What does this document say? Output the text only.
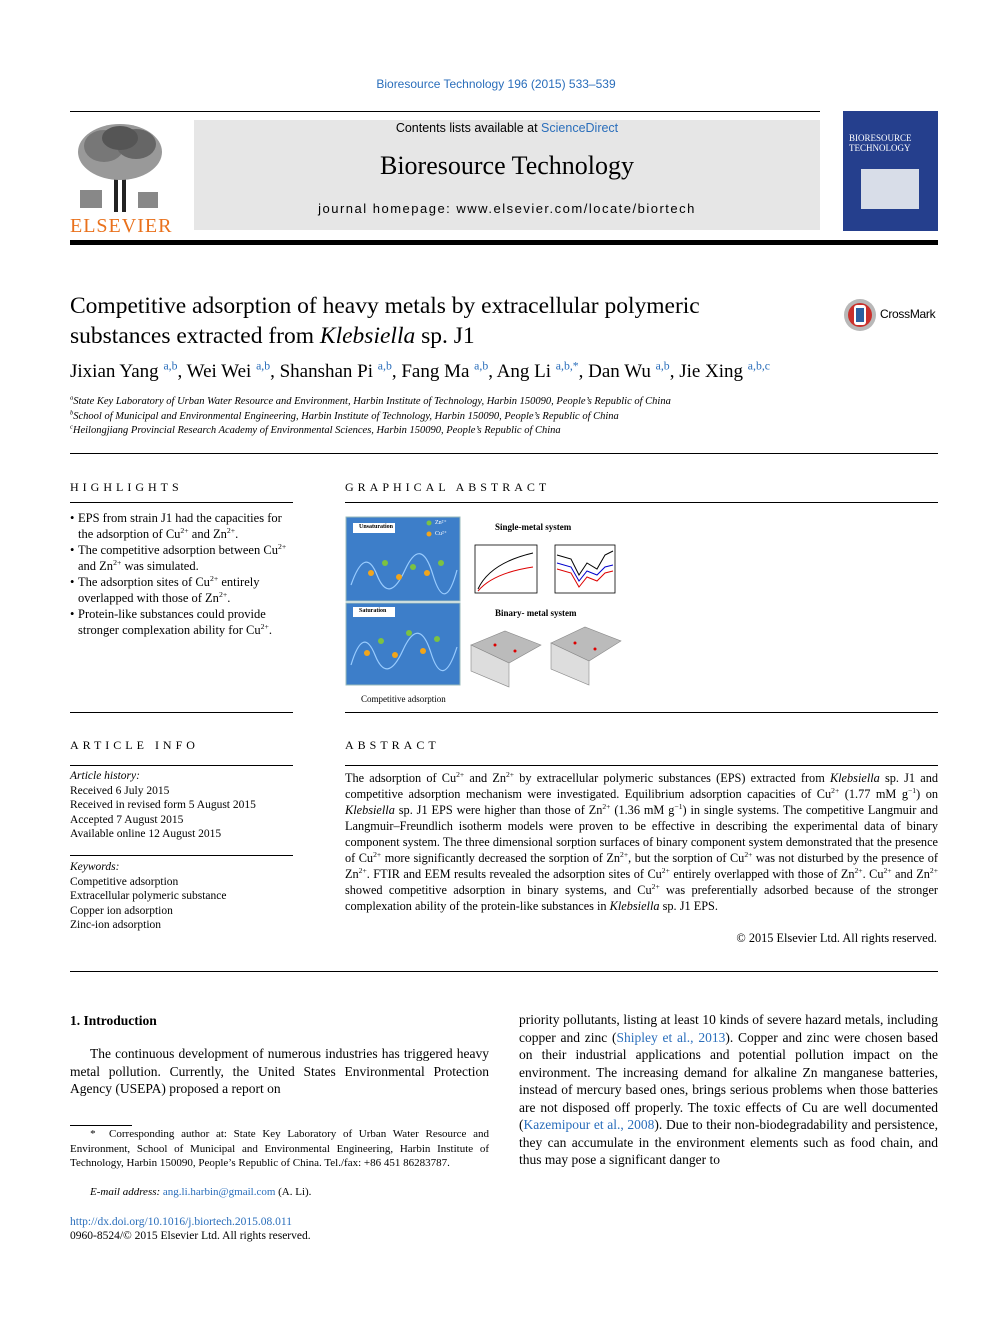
Bioresource Technology 196 (2015) 533–539
ELSEVIER
Contents lists available at ScienceDirect
Bioresource Technology
journal homepage: www.elsevier.com/locate/biortech
BIORESOURCE
TECHNOLOGY
Competitive adsorption of heavy metals by extracellular polymeric
substances extracted from Klebsiella sp. J1
CrossMark
Jixian Yang $^{a,b}$, Wei Wei $^{a,b}$, Shanshan Pi $^{a,b}$, Fang Ma $^{a,b}$, Ang Li $^{a,b,*}$, Dan Wu $^{a,b}$, Jie Xing $^{a,b,c}$
$^a$State Key Laboratory of Urban Water Resource and Environment, Harbin Institute of Technology, Harbin 150090, People’s Republic of China
$^b$School of Municipal and Environmental Engineering, Harbin Institute of Technology, Harbin 150090, People’s Republic of China
$^c$Heilongjiang Provincial Research Academy of Environmental Sciences, Harbin 150090, People’s Republic of China
HIGHLIGHTS
• EPS from strain J1 had the capacities for the adsorption of $Cu^{2+}$ and $Zn^{2+}$.
• The competitive adsorption between $Cu^{2+}$ and $Zn^{2+}$ was simulated.
• The adsorption sites of $Cu^{2+}$ entirely overlapped with those of $Zn^{2+}$.
• Protein-like substances could provide stronger complexation ability for $Cu^{2+}$.
GRAPHICAL ABSTRACT
Unsaturation
Saturation
Zn²⁺
Cu²⁺
Single-metal system
Binary- metal system
Competitive adsorption
ARTICLE INFO
Article history:
Received 6 July 2015
Received in revised form 5 August 2015
Accepted 7 August 2015
Available online 12 August 2015
Keywords:
Competitive adsorption
Extracellular polymeric substance
Copper ion adsorption
Zinc-ion adsorption
ABSTRACT
The adsorption of $Cu^{2+}$ and $Zn^{2+}$ by extracellular polymeric substances (EPS) extracted from Klebsiella sp. J1 and competitive adsorption mechanism were investigated. Equilibrium adsorption capacities of $Cu^{2+}$ (1.77 mM $g^{-1}$) on Klebsiella sp. J1 EPS were higher than those of $Zn^{2+}$ (1.36 mM $g^{-1}$) in single systems. The competitive Langmuir and Langmuir–Freundlich isotherm models were proven to be effective in describing the experimental data of binary component system. The three dimensional sorption surfaces of binary component system demonstrated that the presence of $Cu^{2+}$ more significantly decreased the sorption of $Zn^{2+}$, but the sorption of $Cu^{2+}$ was not disturbed by the presence of $Zn^{2+}$. FTIR and EEM results revealed the adsorption sites of $Cu^{2+}$ entirely overlapped with those of $Zn^{2+}$. $Cu^{2+}$ and $Zn^{2+}$ showed competitive adsorption in binary systems, and $Cu^{2+}$ was preferentially adsorbed because of the stronger complexation ability of the protein-like substances in Klebsiella sp. J1 EPS.
© 2015 Elsevier Ltd. All rights reserved.
1. Introduction
The continuous development of numerous industries has triggered heavy metal pollution. Currently, the United States Environmental Protection Agency (USEPA) proposed a report on
* Corresponding author at: State Key Laboratory of Urban Water Resource and Environment, School of Municipal and Environmental Engineering, Harbin Institute of Technology, Harbin 150090, People’s Republic of China. Tel./fax: +86 451 86283787.
E-mail address: ang.li.harbin@gmail.com (A. Li).
http://dx.doi.org/10.1016/j.biortech.2015.08.011
0960-8524/© 2015 Elsevier Ltd. All rights reserved.
priority pollutants, listing at least 10 kinds of severe hazard metals, including copper and zinc (Shipley et al., 2013). Copper and zinc were chosen based on their industrial applications and potential pollution impact on the environment. The increasing demand for alkaline Zn manganese batteries, instead of mercury based ones, brings serious problems when those batteries are not disposed off properly. The toxic effects of Cu are well documented (Kazemipour et al., 2008). Due to their non-biodegradability and persistence, they can accumulate in the environment elements such as food chain, and thus may pose a significant danger to
